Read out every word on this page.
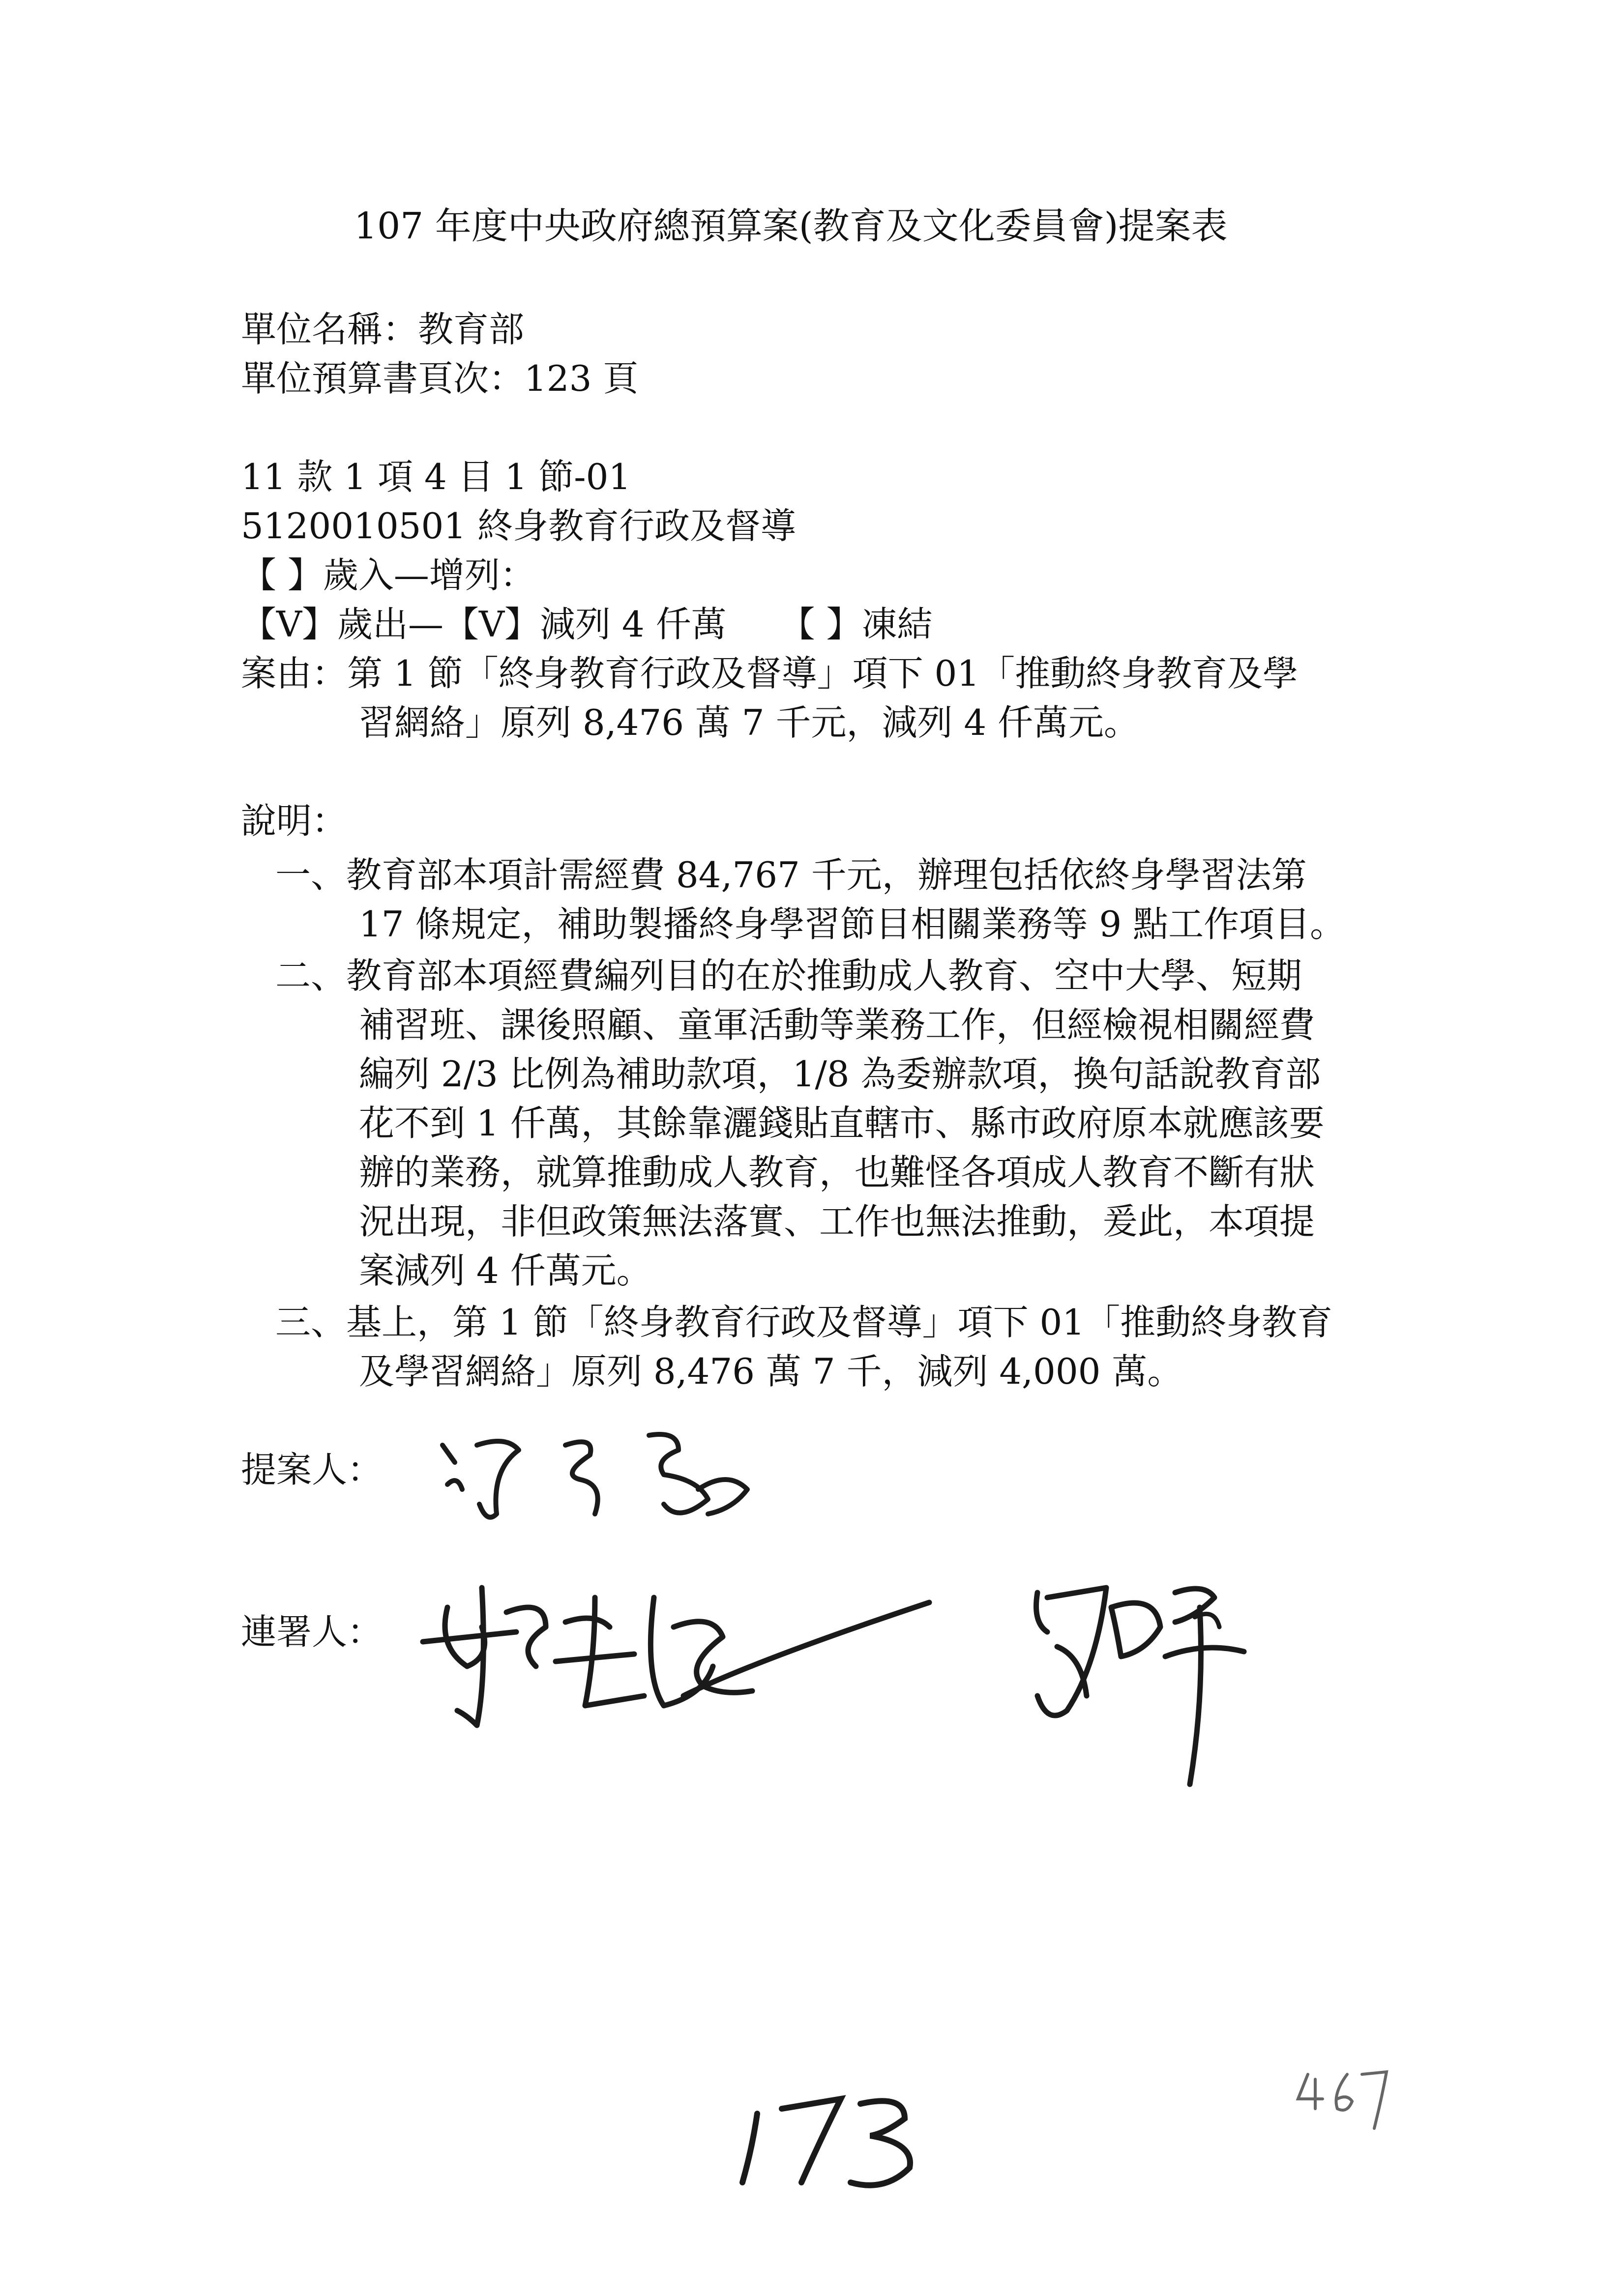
107 年度中央政府總預算案(教育及文化委員會)提案表
單位名稱：教育部
單位預算書頁次：123 頁
11 款 1 項 4 目 1 節-01
5120010501 終身教育行政及督導
【 】歲入—增列：
【V】歲出—【V】減列 4 仟萬　　【 】凍結
案由：第 1 節「終身教育行政及督導」項下 01「推動終身教育及學
習網絡」原列 8,476 萬 7 千元，減列 4 仟萬元。
說明：
一、教育部本項計需經費 84,767 千元，辦理包括依終身學習法第
17 條規定，補助製播終身學習節目相關業務等 9 點工作項目。
二、教育部本項經費編列目的在於推動成人教育、空中大學、短期
補習班、課後照顧、童軍活動等業務工作，但經檢視相關經費
編列 2/3 比例為補助款項，1/8 為委辦款項，換句話說教育部
花不到 1 仟萬，其餘靠灑錢貼直轄市、縣市政府原本就應該要
辦的業務，就算推動成人教育，也難怪各項成人教育不斷有狀
況出現，非但政策無法落實、工作也無法推動，爰此，本項提
案減列 4 仟萬元。
三、基上，第 1 節「終身教育行政及督導」項下 01「推動終身教育
及學習網絡」原列 8,476 萬 7 千，減列 4,000 萬。
提案人：
連署人：
173
467
